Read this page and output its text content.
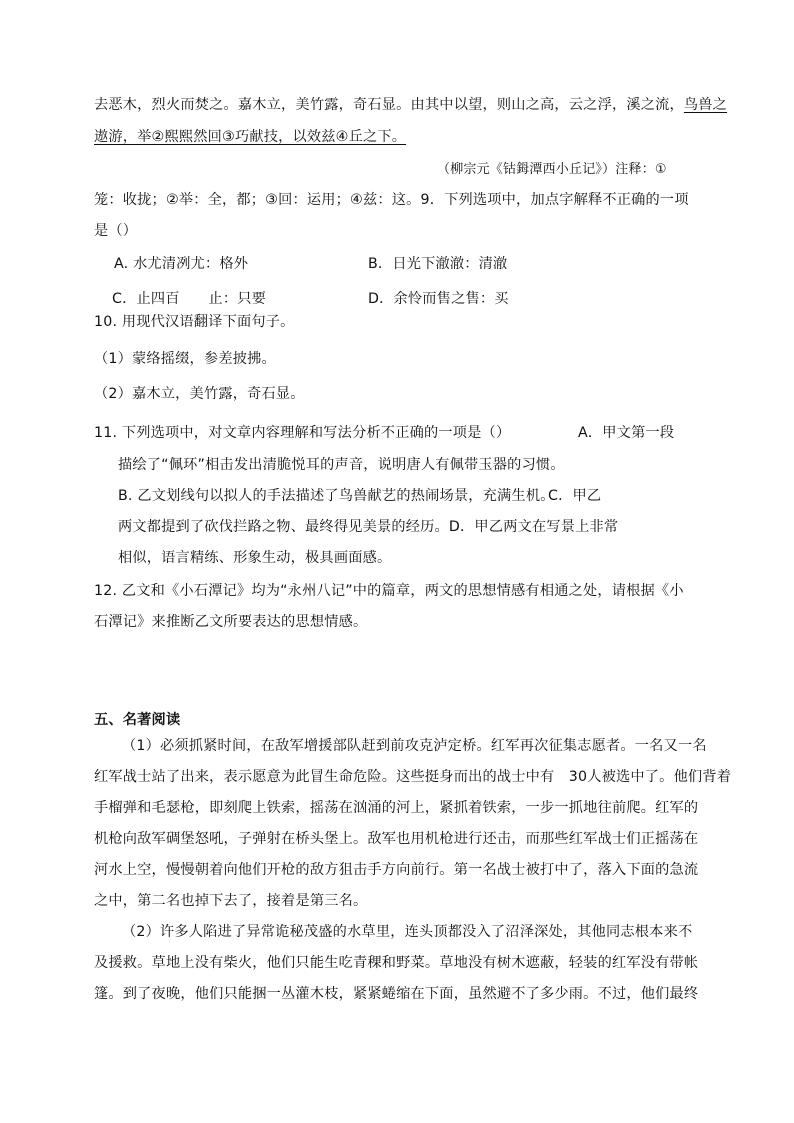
去恶木，烈火而焚之。嘉木立，美竹露，奇石显。由其中以望，则山之高，云之浮，溪之流，鸟兽之
遨游，举②熙熙然回③巧献技，以效兹④丘之下。
（柳宗元《钴鉧潭西小丘记》）注释：①
笼：收拢；②举：全，都；③回：运用；④兹：这。9．下列选项中，加点字解释不正确的一项
是（）
A. 水尤清冽尤：格外	B．日光下澈澈：清澈
C．止四百　　止：只要	D．余怜而售之售：买
10. 用现代汉语翻译下面句子。
（1）蒙络摇缀，参差披拂。
（2）嘉木立，美竹露，奇石显。
11. 下列选项中，对文章内容理解和写法分析不正确的一项是（）	A．甲文第一段
描绘了“佩环”相击发出清脆悦耳的声音，说明唐人有佩带玉器的习惯。
B. 乙文划线句以拟人的手法描述了鸟兽献艺的热闹场景，充满生机。
C．甲乙
两文都提到了砍伐拦路之物、最终得见美景的经历。D．甲乙两文在写景上非常
相似，语言精练、形象生动，极具画面感。
12. 乙文和《小石潭记》均为“永州八记”中的篇章，两文的思想情感有相通之处，请根据《小
石潭记》来推断乙文所要表达的思想情感。
五、名著阅读
（1）必须抓紧时间，在敌军增援部队赶到前攻克泸定桥。红军再次征集志愿者。一名又一名
红军战士站了出来，表示愿意为此冒生命危险。这些挺身而出的战士中有　30人被选中了。他们背着
手榴弹和毛瑟枪，即刻爬上铁索，摇荡在汹涌的河上，紧抓着铁索，一步一抓地往前爬。红军的
机枪向敌军碉堡怒吼，子弹射在桥头堡上。敌军也用机枪进行还击，而那些红军战士们正摇荡在
河水上空，慢慢朝着向他们开枪的敌方狙击手方向前行。第一名战士被打中了，落入下面的急流
之中，第二名也掉下去了，接着是第三名。
（2）许多人陷进了异常诡秘茂盛的水草里，连头顶都没入了沼泽深处，其他同志根本来不
及援救。草地上没有柴火，他们只能生吃青稞和野菜。草地没有树木遮蔽，轻装的红军没有带帐
篷。到了夜晚，他们只能捆一丛灌木枝，紧紧蜷缩在下面，虽然避不了多少雨。不过，他们最终
